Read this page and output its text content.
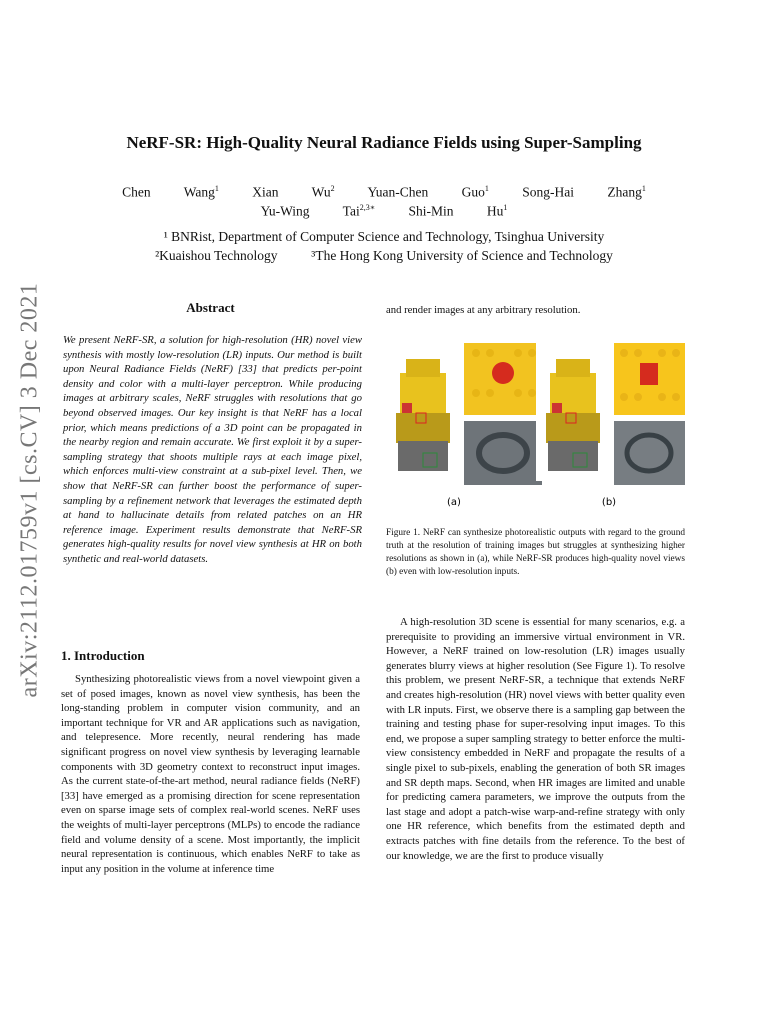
arXiv:2112.01759v1 [cs.CV] 3 Dec 2021
NeRF-SR: High-Quality Neural Radiance Fields using Super-Sampling
Chen Wang$^1$ Xian Wu$^2$ Yuan-Chen Guo$^1$ Song-Hai Zhang$^1$
Yu-Wing Tai$^{2,3∗}$ Shi-Min Hu$^1$
¹ BNRist, Department of Computer Science and Technology, Tsinghua University
²Kuaishou Technology          ³The Hong Kong University of Science and Technology
Abstract
We present NeRF-SR, a solution for high-resolution (HR) novel view synthesis with mostly low-resolution (LR) inputs. Our method is built upon Neural Radiance Fields (NeRF) [33] that predicts per-point density and color with a multi-layer perceptron. While producing images at arbitrary scales, NeRF struggles with resolutions that go beyond observed images. Our key insight is that NeRF has a local prior, which means predictions of a 3D point can be propagated in the nearby region and remain accurate. We first exploit it by a super-sampling strategy that shoots multiple rays at each image pixel, which enforces multi-view constraint at a sub-pixel level. Then, we show that NeRF-SR can further boost the performance of super-sampling by a refinement network that leverages the estimated depth at hand to hallucinate details from related patches on an HR reference image. Experiment results demonstrate that NeRF-SR generates high-quality results for novel view synthesis at HR on both synthetic and real-world datasets.
1. Introduction
Synthesizing photorealistic views from a novel viewpoint given a set of posed images, known as novel view synthesis, has been the long-standing problem in computer vision community, and an important technique for VR and AR applications such as navigation, and telepresence. More recently, neural rendering has made significant progress on novel view synthesis by leveraging learnable components with 3D geometry context to reconstruct input images. As the current state-of-the-art method, neural radiance fields (NeRF) [33] have emerged as a promising direction for scene representation even on sparse image sets of complex real-world scenes. NeRF uses the weights of multi-layer perceptrons (MLPs) to encode the radiance field and volume density of a scene. Most importantly, the implicit neural representation is continuous, which enables NeRF to take as input any position in the volume at inference time
and render images at any arbitrary resolution.
(a)	(b)
Figure 1. NeRF can synthesize photorealistic outputs with regard to the ground truth at the resolution of training images but struggles at synthesizing higher resolutions as shown in (a), while NeRF-SR produces high-quality novel views (b) even with low-resolution inputs.
A high-resolution 3D scene is essential for many scenarios, e.g. a prerequisite to providing an immersive virtual environment in VR. However, a NeRF trained on low-resolution (LR) images usually generates blurry views at higher resolution (See Figure 1). To resolve this problem, we present NeRF-SR, a technique that extends NeRF and creates high-resolution (HR) novel views with better quality even with LR inputs. First, we observe there is a sampling gap between the training and testing phase for super-resolving input images. To this end, we propose a super sampling strategy to better enforce the multi-view consistency embedded in NeRF and propagate the results of a single pixel to sub-pixels, enabling the generation of both SR images and SR depth maps. Second, when HR images are limited and unable for predicting camera parameters, we improve the outputs from the last stage and adopt a patch-wise warp-and-refine strategy with only one HR reference, which benefits from the estimated depth and extracts patches with fine details from the reference. To the best of our knowledge, we are the first to produce visually
